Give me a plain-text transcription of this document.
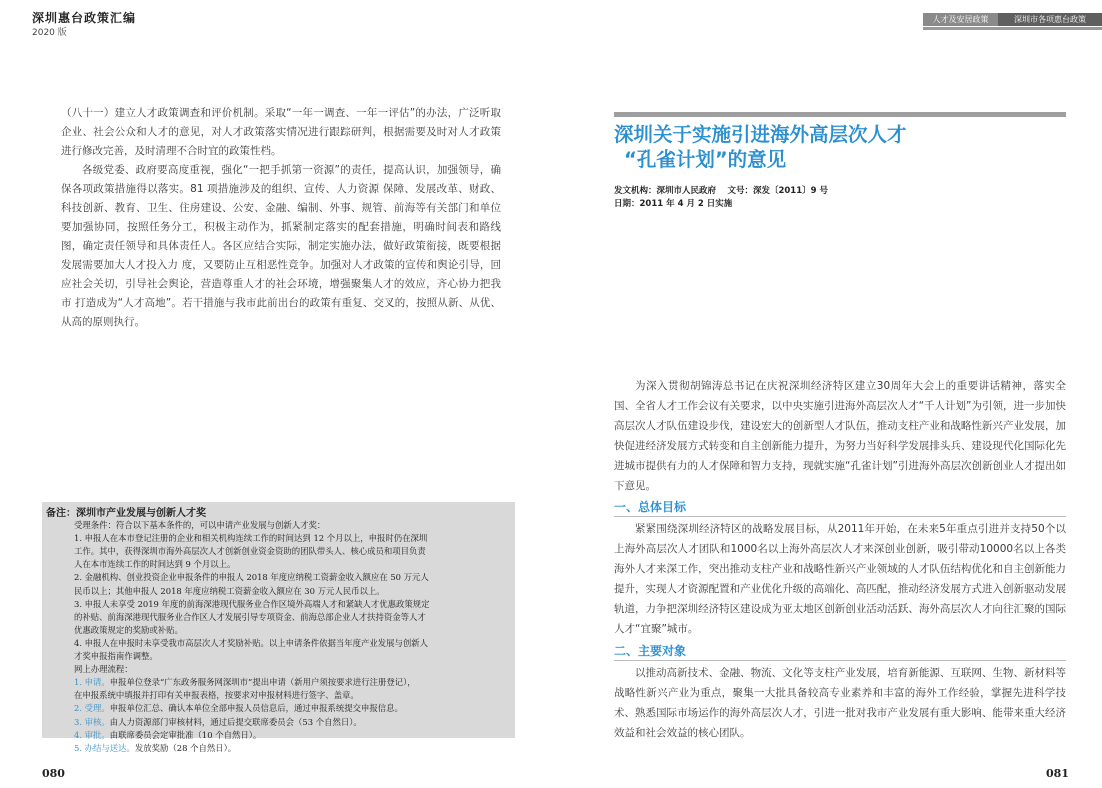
深圳惠台政策汇编
2020 版
人才及安居政策	深圳市各项惠台政策

（八十一）建立人才政策调查和评价机制。采取“一年一调查、一年一评估”的办法，广泛听取企业、社会公众和人才的意见，对人才政策落实情况进行跟踪研判，根据需要及时对人才政策进行修改完善，及时清理不合时宜的政策性档。

各级党委、政府要高度重视，强化“一把手抓第一资源”的责任，提高认识，加强领导，确保各项政策措施得以落实。81 项措施涉及的组织、宣传、人力资源 保障、发展改革、财政、科技创新、教育、卫生、住房建设、公安、金融、编制、外事、规管、前海等有关部门和单位要加强协同，按照任务分工，积极主动作为，抓紧制定落实的配套措施，明确时间表和路线图，确定责任领导和具体责任人。各区应结合实际，制定实施办法，做好政策衔接，既要根据发展需要加大人才投入力 度，又要防止互相恶性竞争。加强对人才政策的宣传和舆论引导，回应社会关切，引导社会舆论，营造尊重人才的社会环境，增强聚集人才的效应，齐心协力把我市 打造成为“人才高地”。若干措施与我市此前出台的政策有重复、交叉的，按照从新、从优、从高的原则执行。

备注：深圳市产业发展与创新人才奖
受理条件：符合以下基本条件的，可以申请产业发展与创新人才奖：
1. 申报人在本市登记注册的企业和相关机构连续工作的时间达到 12 个月以上，申报时仍在深圳
工作。其中，获得深圳市海外高层次人才创新创业资金资助的团队带头人、核心成员和项目负责
人在本市连续工作的时间达到 9 个月以上。
2. 金融机构、创业投资企业申报条件的申报人 2018 年度应纳税工资薪金收入额应在 50 万元人
民币以上；其他申报人 2018 年度应纳税工资薪金收入额应在 30 万元人民币以上。
3. 申报人未享受 2019 年度的前海深港现代服务业合作区境外高端人才和紧缺人才优惠政策规定
的补贴、前海深港现代服务业合作区人才发展引导专项资金、前海总部企业人才扶持资金等人才
优惠政策规定的奖励或补贴。
4. 申报人在申报时未享受我市高层次人才奖励补贴。以上申请条件依据当年度产业发展与创新人
才奖申报指南作调整。
网上办理流程：
1. 申请。申报单位登录“广东政务服务网深圳市”提出申请（新用户须按要求进行注册登记），
在申报系统中填报并打印有关申报表格，按要求对申报材料进行签字、盖章。
2. 受理。申报单位汇总、确认本单位全部申报人员信息后，通过申报系统提交申报信息。
3. 审核。由人力资源部门审核材料，通过后提交联席委员会（53 个自然日）。
4. 审批。由联席委员会定审批准（10 个自然日）。
5. 办结与送达。发放奖励（28 个自然日）。
080
深圳关于实施引进海外高层次人才
“孔雀计划”的意见
发文机构：深圳市人民政府　 文号：深发〔2011〕9 号
日期：2011 年 4 月 2 日实施

为深入贯彻胡锦涛总书记在庆祝深圳经济特区建立30周年大会上的重要讲话精神，落实全国、全省人才工作会议有关要求，以中央实施引进海外高层次人才“千人计划”为引领，进一步加快高层次人才队伍建设步伐，建设宏大的创新型人才队伍，推动支柱产业和战略性新兴产业发展，加快促进经济发展方式转变和自主创新能力提升，为努力当好科学发展排头兵、建设现代化国际化先进城市提供有力的人才保障和智力支持，现就实施“孔雀计划”引进海外高层次创新创业人才提出如下意见。

一、总体目标

紧紧围绕深圳经济特区的战略发展目标，从2011年开始，在未来5年重点引进并支持50个以上海外高层次人才团队和1000名以上海外高层次人才来深创业创新，吸引带动10000名以上各类海外人才来深工作，突出推动支柱产业和战略性新兴产业领域的人才队伍结构优化和自主创新能力提升，实现人才资源配置和产业优化升级的高端化、高匹配，推动经济发展方式进入创新驱动发展轨道，力争把深圳经济特区建设成为亚太地区创新创业活动活跃、海外高层次人才向往汇聚的国际人才“宜聚”城市。

二、主要对象

以推动高新技术、金融、物流、文化等支柱产业发展，培育新能源、互联网、生物、新材料等战略性新兴产业为重点，聚集一大批具备较高专业素养和丰富的海外工作经验，掌握先进科学技术、熟悉国际市场运作的海外高层次人才，引进一批对我市产业发展有重大影响、能带来重大经济效益和社会效益的核心团队。

081
